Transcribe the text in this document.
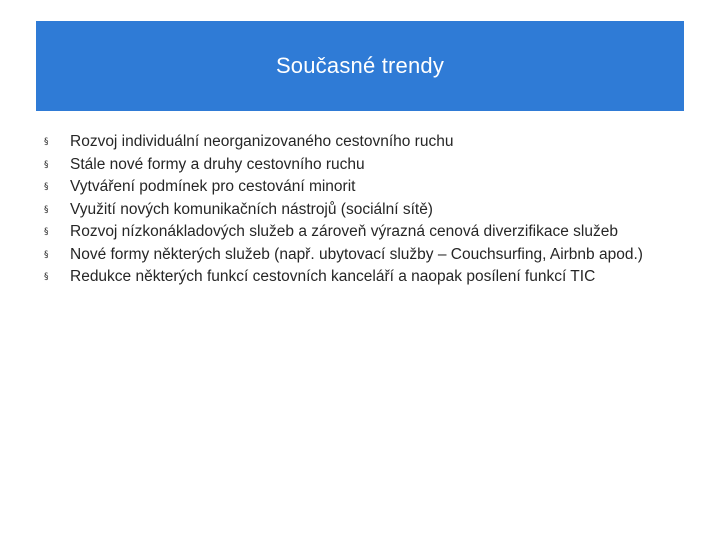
Současné trendy
§	Rozvoj individuální neorganizovaného cestovního ruchu
§	Stále nové formy a druhy cestovního ruchu
§	Vytváření podmínek pro cestování minorit
§	Využití nových komunikačních nástrojů (sociální sítě)
§	Rozvoj nízkonákladových služeb a zároveň výrazná cenová diverzifikace služeb
§	Nové formy některých služeb (např. ubytovací služby – Couchsurfing, Airbnb apod.)
§	Redukce některých funkcí cestovních kanceláří a naopak posílení funkcí TIC
